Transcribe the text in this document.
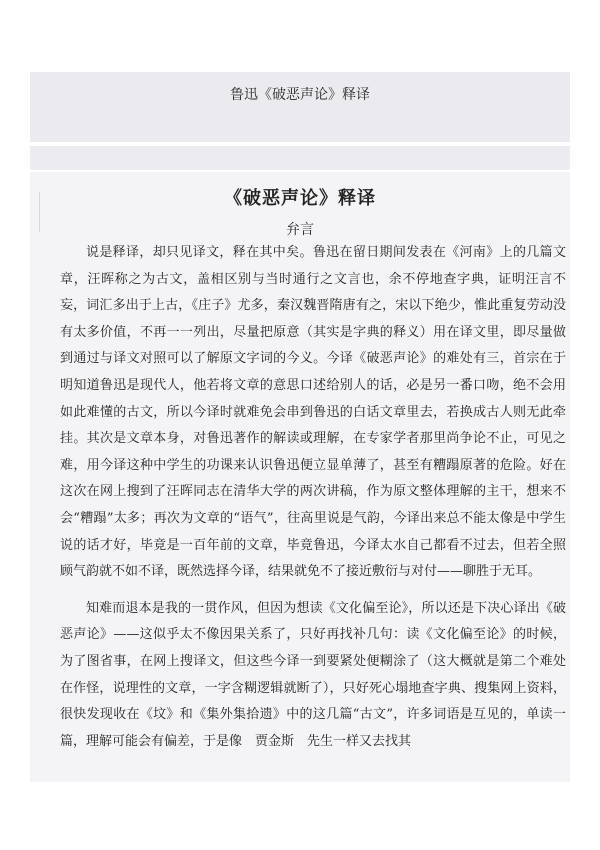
鲁迅《破恶声论》释译
《破恶声论》释译
弁言

说是释译，却只见译文，释在其中矣。鲁迅在留日期间发表在《河南》上的几篇文章，汪晖称之为古文，盖相区别与当时通行之文言也，余不停地查字典，证明汪言不妄，词汇多出于上古，《庄子》尤多，秦汉魏晋隋唐有之，宋以下绝少，惟此重复劳动没有太多价值，不再一一列出，尽量把原意（其实是字典的释义）用在译文里，即尽量做到通过与译文对照可以了解原文字词的今义。今译《破恶声论》的难处有三，首宗在于明知道鲁迅是现代人，他若将文章的意思口述给别人的话，必是另一番口吻，绝不会用如此难懂的古文，所以今译时就难免会串到鲁迅的白话文章里去，若换成古人则无此牵挂。其次是文章本身，对鲁迅著作的解读或理解，在专家学者那里尚争论不止，可见之难，用今译这种中学生的功课来认识鲁迅便立显单薄了，甚至有糟蹋原著的危险。好在这次在网上搜到了汪晖同志在清华大学的两次讲稿，作为原文整体理解的主干，想来不会“糟蹋”太多；再次为文章的“语气”，往高里说是气韵，今译出来总不能太像是中学生说的话才好，毕竟是一百年前的文章，毕竟鲁迅，今译太水自己都看不过去，但若全照顾气韵就不如不译，既然选择今译，结果就免不了接近敷衍与对付——聊胜于无耳。

知难而退本是我的一贯作风，但因为想读《文化偏至论》，所以还是下决心译出《破恶声论》——这似乎太不像因果关系了，只好再找补几句：读《文化偏至论》的时候，为了图省事，在网上搜译文，但这些今译一到要紧处便糊涂了（这大概就是第二个难处在作怪，说理性的文章，一字含糊逻辑就断了），只好死心塌地查字典、搜集网上资料，很快发现收在《坟》和《集外集拾遗》中的这几篇“古文”，许多词语是互见的，单读一篇，理解可能会有偏差，于是像　贾金斯　先生一样又去找其
